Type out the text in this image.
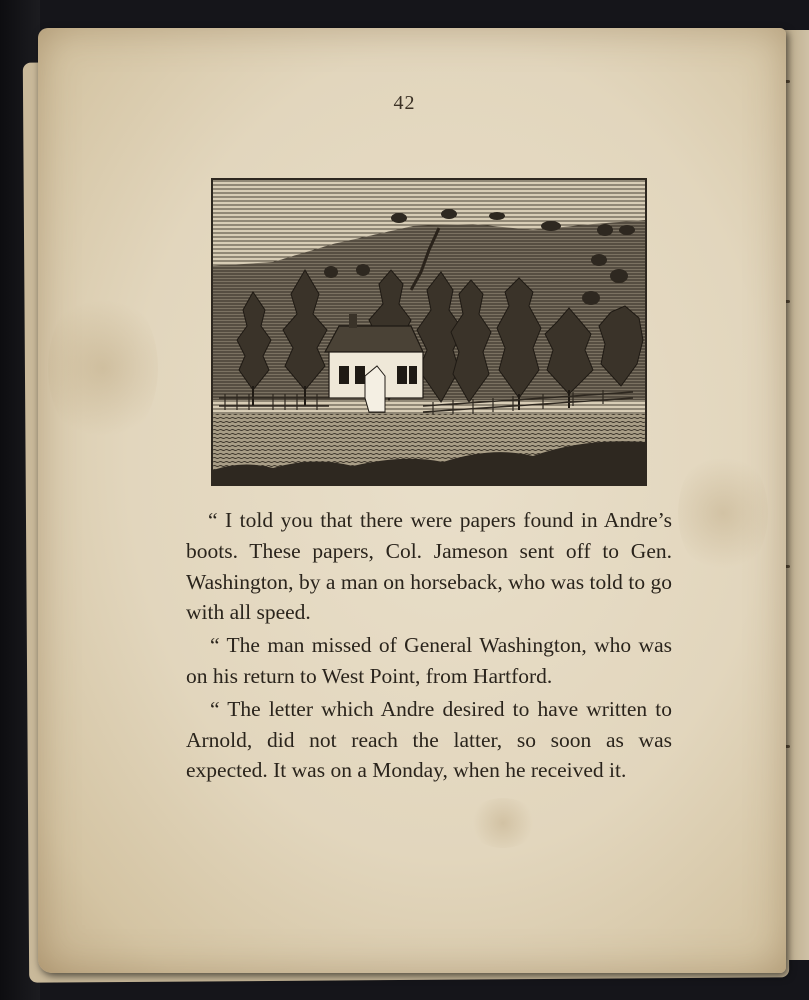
42

“ I told you that there were papers found in Andre’s boots. These papers, Col. Jameson sent off to Gen. Washington, by a man on horseback, who was told to go with all speed.

“ The man missed of General Washington, who was on his return to West Point, from Hartford.

“ The letter which Andre desired to have written to Arnold, did not reach the latter, so soon as was expected. It was on a Monday, when he received it.
